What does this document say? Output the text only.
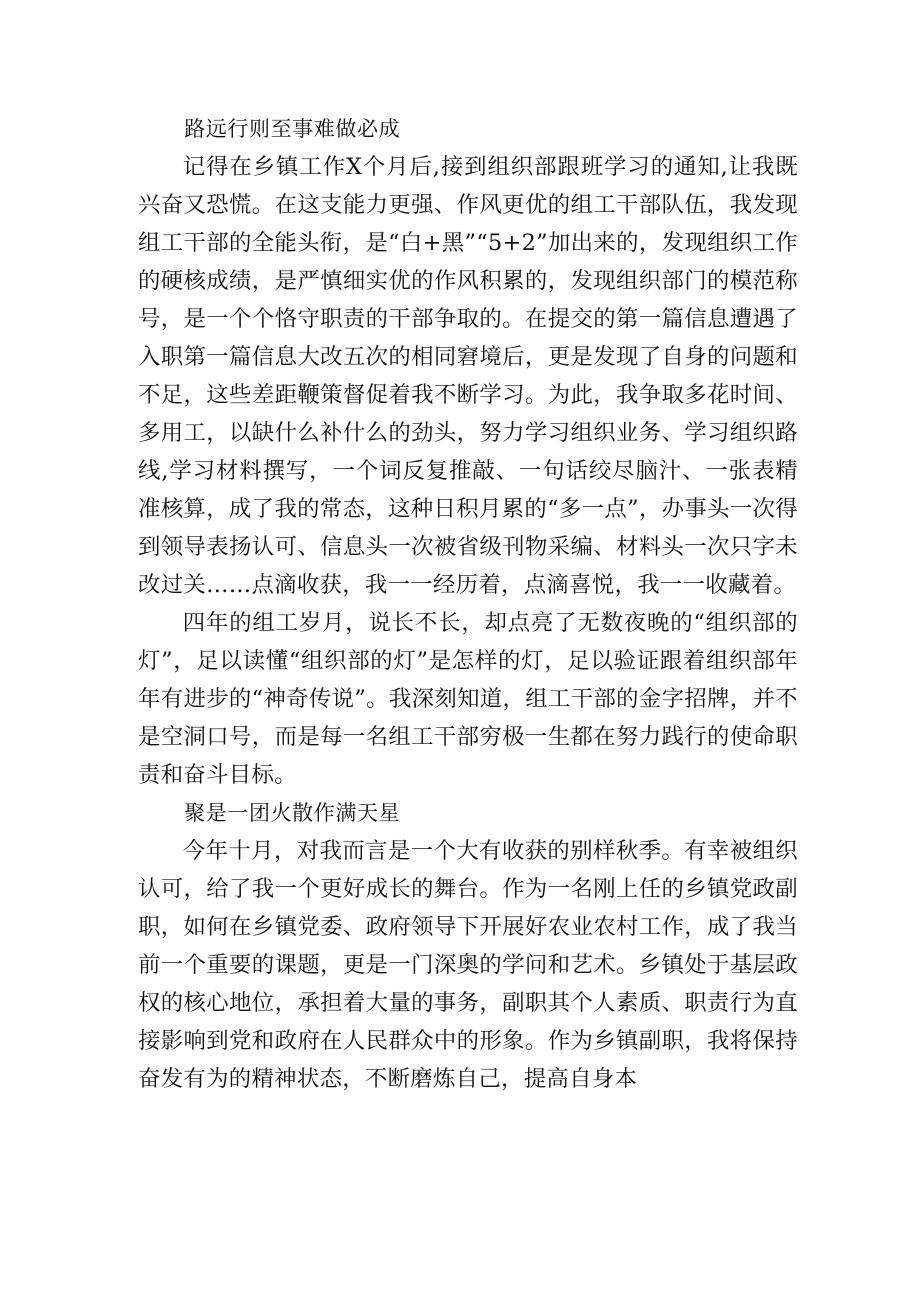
路远行则至事难做必成

记得在乡镇工作X个月后,接到组织部跟班学习的通知,让我既兴奋又恐慌。在这支能力更强、作风更优的组工干部队伍，我发现组工干部的全能头衔，是“白+黑”“5+2”加出来的，发现组织工作的硬核成绩，是严慎细实优的作风积累的，发现组织部门的模范称号，是一个个恪守职责的干部争取的。在提交的第一篇信息遭遇了入职第一篇信息大改五次的相同窘境后，更是发现了自身的问题和不足，这些差距鞭策督促着我不断学习。为此，我争取多花时间、多用工，以缺什么补什么的劲头，努力学习组织业务、学习组织路线,学习材料撰写，一个词反复推敲、一句话绞尽脑汁、一张表精准核算，成了我的常态，这种日积月累的“多一点”，办事头一次得到领导表扬认可、信息头一次被省级刊物采编、材料头一次只字未改过关……点滴收获，我一一经历着，点滴喜悦，我一一收藏着。

四年的组工岁月，说长不长，却点亮了无数夜晚的“组织部的灯”，足以读懂“组织部的灯”是怎样的灯，足以验证跟着组织部年年有进步的“神奇传说”。我深刻知道，组工干部的金字招牌，并不是空洞口号，而是每一名组工干部穷极一生都在努力践行的使命职责和奋斗目标。

聚是一团火散作满天星

今年十月，对我而言是一个大有收获的别样秋季。有幸被组织认可，给了我一个更好成长的舞台。作为一名刚上任的乡镇党政副职，如何在乡镇党委、政府领导下开展好农业农村工作，成了我当前一个重要的课题，更是一门深奥的学问和艺术。乡镇处于基层政权的核心地位，承担着大量的事务，副职其个人素质、职责行为直接影响到党和政府在人民群众中的形象。作为乡镇副职，我将保持奋发有为的精神状态，不断磨炼自己，提高自身本
